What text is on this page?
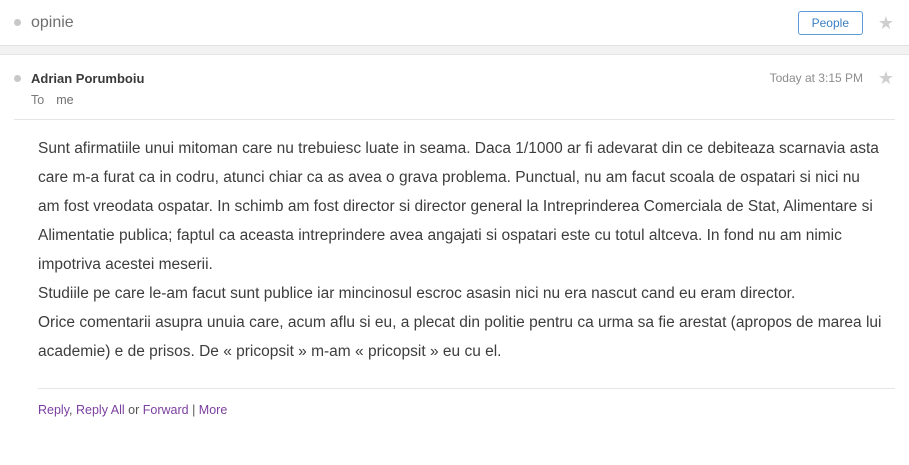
opinie	People	★
Adrian Porumboiu	Today at 3:15 PM ★
To me

Sunt afirmatiile unui mitoman care nu trebuiesc luate in seama. Daca 1/1000 ar fi adevarat din ce debiteaza scarnavia asta care m-a furat ca in codru, atunci chiar ca as avea o grava problema. Punctual, nu am facut scoala de ospatari si nici nu am fost vreodata ospatar. In schimb am fost director si director general la Intreprinderea Comerciala de Stat, Alimentare si Alimentatie publica; faptul ca aceasta intreprindere avea angajati si ospatari este cu totul altceva. In fond nu am nimic impotriva acestei meserii.

Studiile pe care le-am facut sunt publice iar mincinosul escroc asasin nici nu era nascut cand eu eram director.

Orice comentarii asupra unuia care, acum aflu si eu, a plecat din politie pentru ca urma sa fie arestat (apropos de marea lui academie) e de prisos. De « pricopsit » m-am « pricopsit » eu cu el.

Reply, Reply All or Forward | More
